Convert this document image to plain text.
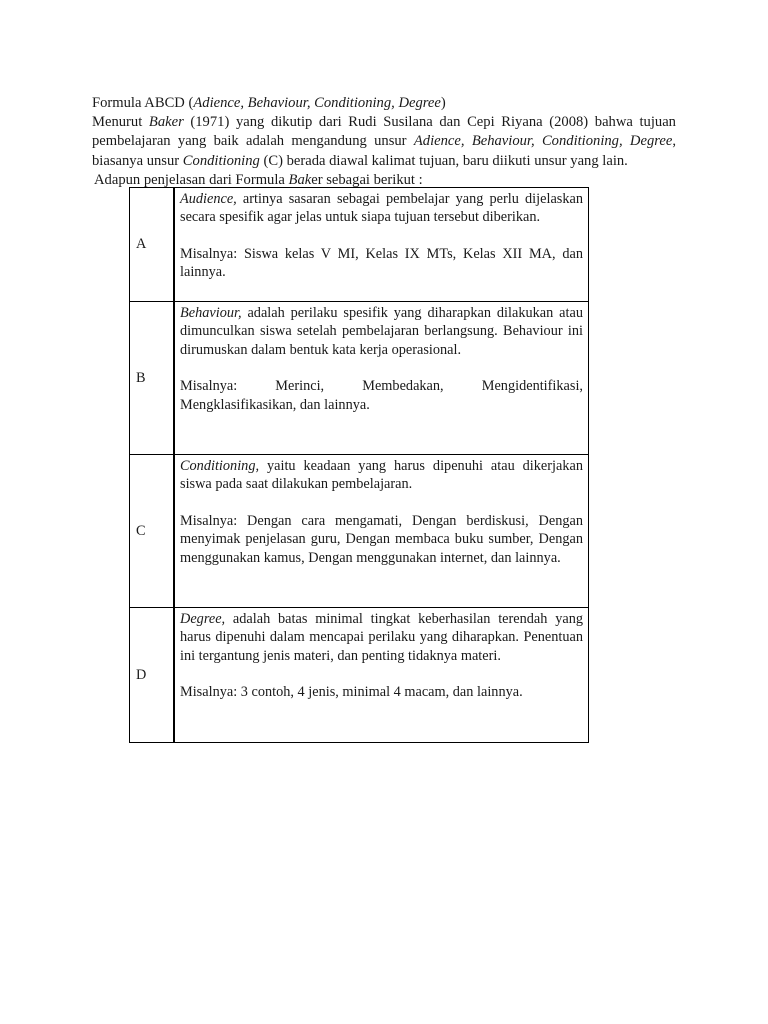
Formula ABCD (Adience, Behaviour, Conditioning, Degree)

Menurut Baker (1971) yang dikutip dari Rudi Susilana dan Cepi Riyana (2008) bahwa tujuan pembelajaran yang baik adalah mengandung unsur Adience, Behaviour, Conditioning, Degree, biasanya unsur Conditioning (C) berada diawal kalimat tujuan, baru diikuti unsur yang lain.

Adapun penjelasan dari Formula Baker sebagai berikut :

A	Audience, artinya sasaran sebagai pembelajar yang perlu dijelaskan secara spesifik agar jelas untuk siapa tujuan tersebut diberikan.

Misalnya: Siswa kelas V MI, Kelas IX MTs, Kelas XII MA, dan lainnya.

B	Behaviour, adalah perilaku spesifik yang diharapkan dilakukan atau dimunculkan siswa setelah pembelajaran berlangsung. Behaviour ini dirumuskan dalam bentuk kata kerja operasional.

Misalnya: Merinci, Membedakan, Mengidentifikasi, Mengklasifikasikan, dan lainnya.

C	Conditioning, yaitu keadaan yang harus dipenuhi atau dikerjakan siswa pada saat dilakukan pembelajaran.

Misalnya: Dengan cara mengamati, Dengan berdiskusi, Dengan menyimak penjelasan guru, Dengan membaca buku sumber, Dengan menggunakan kamus, Dengan menggunakan internet, dan lainnya.

D	Degree, adalah batas minimal tingkat keberhasilan terendah yang harus dipenuhi dalam mencapai perilaku yang diharapkan. Penentuan ini tergantung jenis materi, dan penting tidaknya materi.

Misalnya: 3 contoh, 4 jenis, minimal 4 macam, dan lainnya.
